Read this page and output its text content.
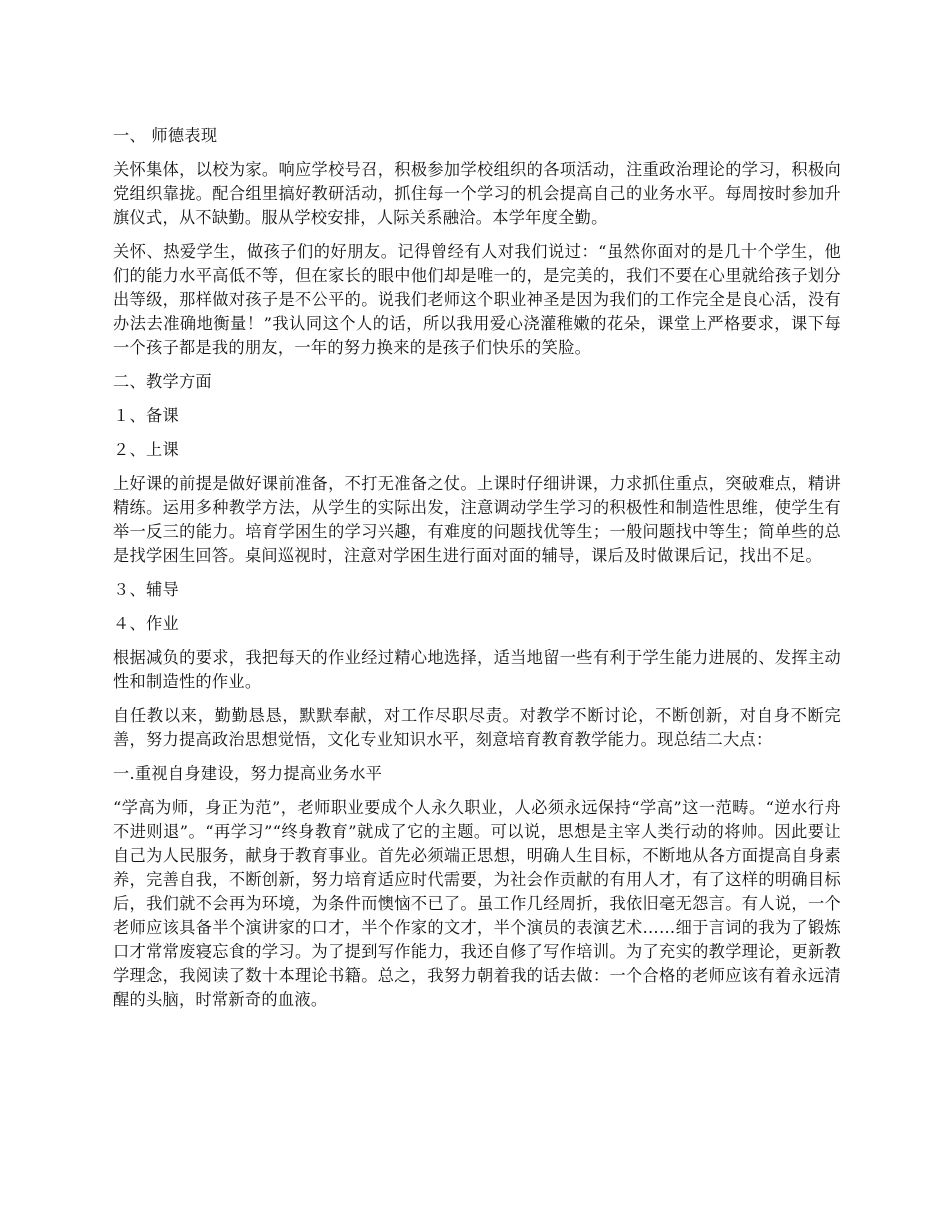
一、 师德表现

关怀集体，以校为家。响应学校号召，积极参加学校组织的各项活动，注重政治理论的学习，积极向党组织靠拢。配合组里搞好教研活动，抓住每一个学习的机会提高自己的业务水平。每周按时参加升旗仪式，从不缺勤。服从学校安排，人际关系融洽。本学年度全勤。

关怀、热爱学生，做孩子们的好朋友。记得曾经有人对我们说过：“虽然你面对的是几十个学生，他们的能力水平高低不等，但在家长的眼中他们却是唯一的，是完美的，我们不要在心里就给孩子划分出等级，那样做对孩子是不公平的。说我们老师这个职业神圣是因为我们的工作完全是良心活，没有办法去准确地衡量！”我认同这个人的话，所以我用爱心浇灌稚嫩的花朵，课堂上严格要求，课下每一个孩子都是我的朋友，一年的努力换来的是孩子们快乐的笑脸。

二、教学方面

１、备课

２、上课

上好课的前提是做好课前准备，不打无准备之仗。上课时仔细讲课，力求抓住重点，突破难点，精讲精练。运用多种教学方法，从学生的实际出发，注意调动学生学习的积极性和制造性思维，使学生有举一反三的能力。培育学困生的学习兴趣，有难度的问题找优等生；一般问题找中等生；简单些的总是找学困生回答。桌间巡视时，注意对学困生进行面对面的辅导，课后及时做课后记，找出不足。

３、辅导

４、作业

根据减负的要求，我把每天的作业经过精心地选择，适当地留一些有利于学生能力进展的、发挥主动性和制造性的作业。

自任教以来，勤勤恳恳，默默奉献，对工作尽职尽责。对教学不断讨论，不断创新，对自身不断完善，努力提高政治思想觉悟，文化专业知识水平，刻意培育教育教学能力。现总结二大点：

一.重视自身建设，努力提高业务水平

“学高为师，身正为范”，老师职业要成个人永久职业，人必须永远保持“学高”这一范畴。“逆水行舟不进则退”。“再学习”“终身教育”就成了它的主题。可以说，思想是主宰人类行动的将帅。因此要让自己为人民服务，献身于教育事业。首先必须端正思想，明确人生目标，不断地从各方面提高自身素养，完善自我，不断创新，努力培育适应时代需要，为社会作贡献的有用人才，有了这样的明确目标后，我们就不会再为环境，为条件而懊恼不已了。虽工作几经周折，我依旧毫无怨言。有人说，一个老师应该具备半个演讲家的口才，半个作家的文才，半个演员的表演艺术……细于言词的我为了锻炼口才常常废寝忘食的学习。为了提到写作能力，我还自修了写作培训。为了充实的教学理论，更新教学理念，我阅读了数十本理论书籍。总之，我努力朝着我的话去做：一个合格的老师应该有着永远清醒的头脑，时常新奇的血液。
